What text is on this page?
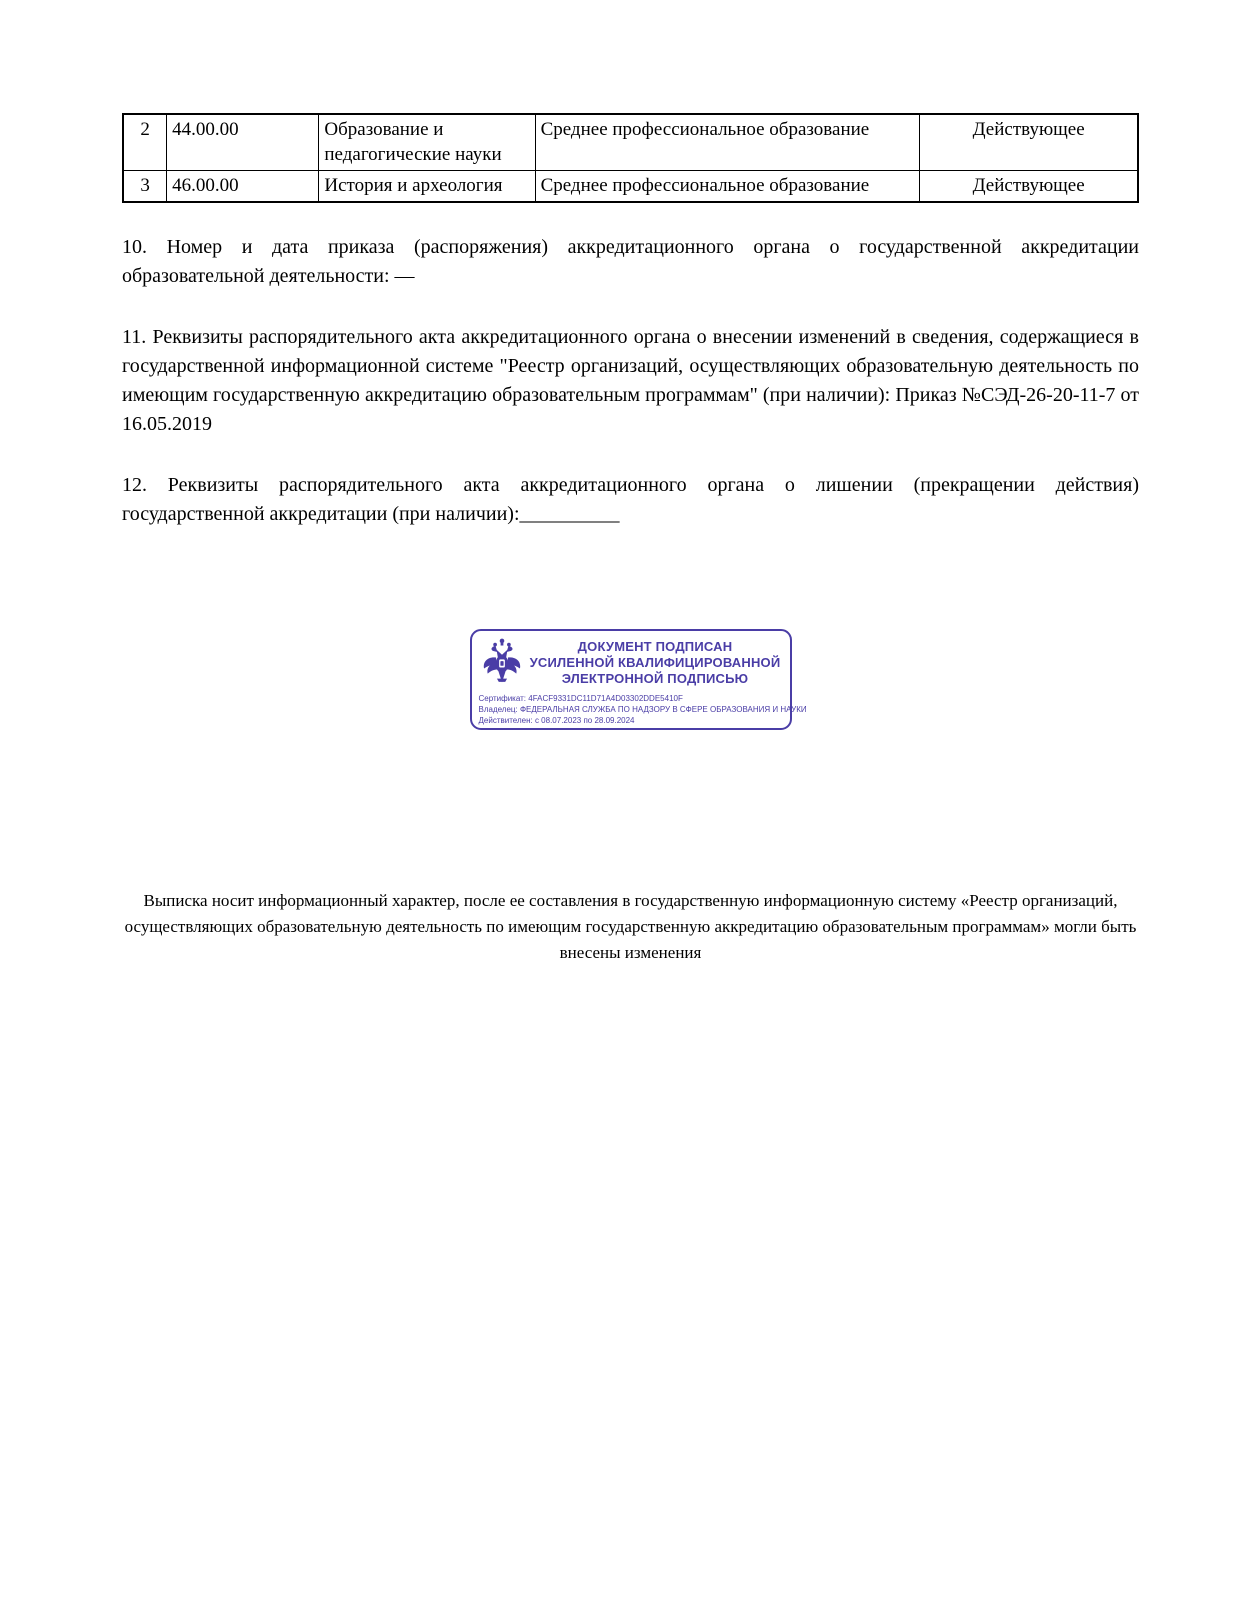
2	44.00.00	Образование и педагогические науки	Среднее профессиональное образование	Действующее
3	46.00.00	История и археология	Среднее профессиональное образование	Действующее

10. Номер и дата приказа (распоряжения) аккредитационного органа о государственной аккредитации образовательной деятельности: —

11. Реквизиты распорядительного акта аккредитационного органа о внесении изменений в сведения, содержащиеся в государственной информационной системе "Реестр организаций, осуществляющих образовательную деятельность по имеющим государственную аккредитацию образовательным программам" (при наличии): Приказ №СЭД-26-20-11-7 от 16.05.2019

12. Реквизиты распорядительного акта аккредитационного органа о лишении (прекращении действия) государственной аккредитации (при наличии):__________

ДОКУМЕНТ ПОДПИСАН
УСИЛЕННОЙ КВАЛИФИЦИРОВАННОЙ
ЭЛЕКТРОННОЙ ПОДПИСЬЮ
Сертификат: 4FACF9331DC11D71A4D03302DDE5410F
Владелец: ФЕДЕРАЛЬНАЯ СЛУЖБА ПО НАДЗОРУ В СФЕРЕ ОБРАЗОВАНИЯ И НАУКИ
Действителен: с 08.07.2023 по 28.09.2024

Выписка носит информационный характер, после ее составления в государственную информационную систему «Реестр организаций, осуществляющих образовательную деятельность по имеющим государственную аккредитацию образовательным программам» могли быть внесены изменения
